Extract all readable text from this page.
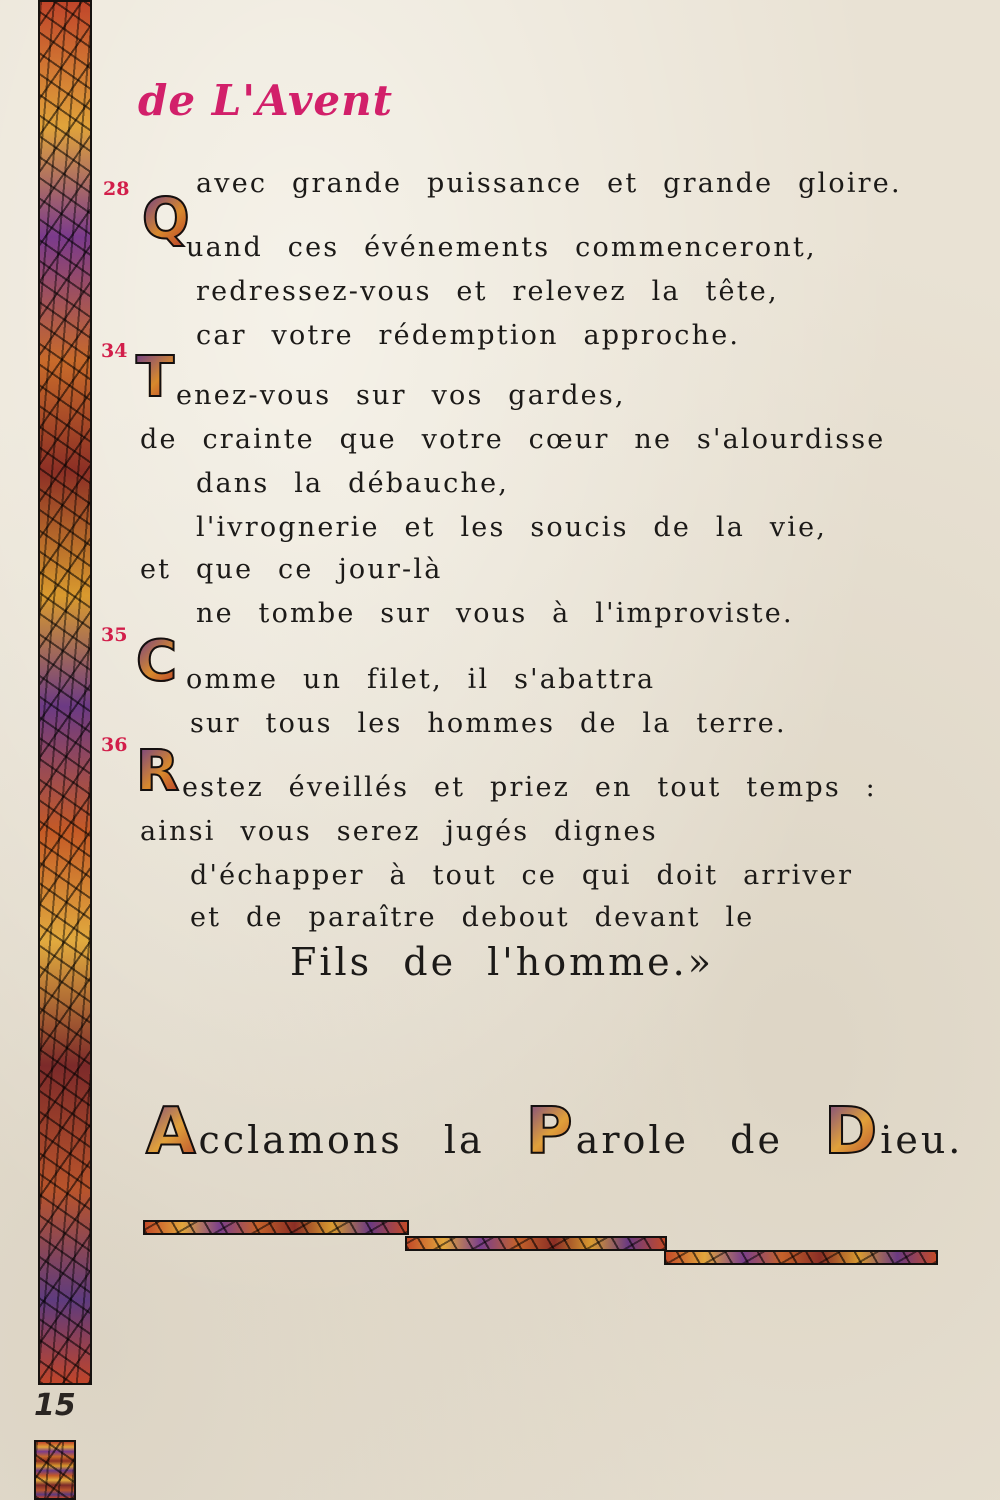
15
de L'Avent
28
34
35
36
Q
T
C
R
avec grande puissance et grande gloire.
uand ces événements commenceront,
redressez-vous et relevez la tête,
car votre rédemption approche.
enez-vous sur vos gardes,
de crainte que votre cœur ne s'alourdisse
dans la débauche,
l'ivrognerie et les soucis de la vie,
et que ce jour-là
ne tombe sur vous à l'improviste.
omme un filet, il s'abattra
sur tous les hommes de la terre.
estez éveillés et priez en tout temps :
ainsi vous serez jugés dignes
d'échapper à tout ce qui doit arriver
et de paraître debout devant le
Fils de l'homme.»
Acclamons la Parole de Dieu.
